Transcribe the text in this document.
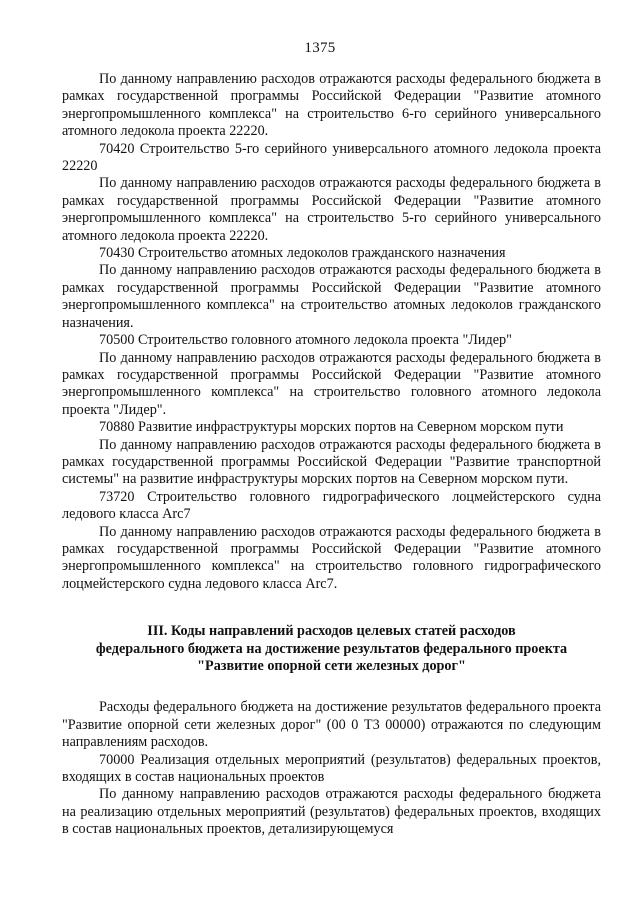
1375

По данному направлению расходов отражаются расходы федерального бюджета в рамках государственной программы Российской Федерации "Развитие атомного энергопромышленного комплекса" на строительство 6-го серийного универсального атомного ледокола проекта 22220.

70420 Строительство 5-го серийного универсального атомного ледокола проекта 22220

По данному направлению расходов отражаются расходы федерального бюджета в рамках государственной программы Российской Федерации "Развитие атомного энергопромышленного комплекса" на строительство 5-го серийного универсального атомного ледокола проекта 22220.

70430 Строительство атомных ледоколов гражданского назначения

По данному направлению расходов отражаются расходы федерального бюджета в рамках государственной программы Российской Федерации "Развитие атомного энергопромышленного комплекса" на строительство атомных ледоколов гражданского назначения.

70500 Строительство головного атомного ледокола проекта "Лидер"

По данному направлению расходов отражаются расходы федерального бюджета в рамках государственной программы Российской Федерации "Развитие атомного энергопромышленного комплекса" на строительство головного атомного ледокола проекта "Лидер".

70880 Развитие инфраструктуры морских портов на Северном морском пути

По данному направлению расходов отражаются расходы федерального бюджета в рамках государственной программы Российской Федерации "Развитие транспортной системы" на развитие инфраструктуры морских портов на Северном морском пути.

73720 Строительство головного гидрографического лоцмейстерского судна ледового класса Arc7

По данному направлению расходов отражаются расходы федерального бюджета в рамках государственной программы Российской Федерации "Развитие атомного энергопромышленного комплекса" на строительство головного гидрографического лоцмейстерского судна ледового класса Arc7.

III. Коды направлений расходов целевых статей расходов
федерального бюджета на достижение результатов федерального проекта
"Развитие опорной сети железных дорог"

Расходы федерального бюджета на достижение результатов федерального проекта "Развитие опорной сети железных дорог" (00 0 Т3 00000) отражаются по следующим направлениям расходов.

70000 Реализация отдельных мероприятий (результатов) федеральных проектов, входящих в состав национальных проектов

По данному направлению расходов отражаются расходы федерального бюджета на реализацию отдельных мероприятий (результатов) федеральных проектов, входящих в состав национальных проектов, детализирующемуся
